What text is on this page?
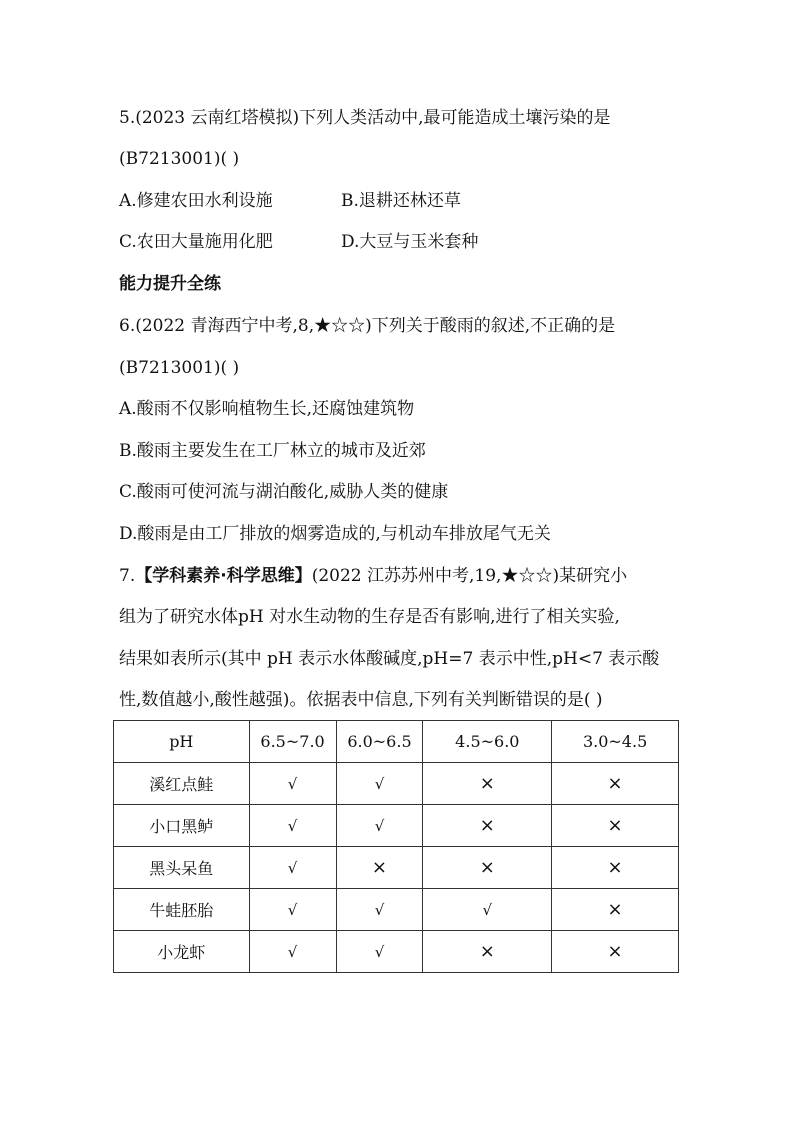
5.(2023 云南红塔模拟)下列人类活动中,最可能造成土壤污染的是
(B7213001)( )
A.修建农田水利设施	B.退耕还林还草
C.农田大量施用化肥	D.大豆与玉米套种
能力提升全练
6.(2022 青海西宁中考,8,★☆☆)下列关于酸雨的叙述,不正确的是
(B7213001)( )
A.酸雨不仅影响植物生长,还腐蚀建筑物
B.酸雨主要发生在工厂林立的城市及近郊
C.酸雨可使河流与湖泊酸化,威胁人类的健康
D.酸雨是由工厂排放的烟雾造成的,与机动车排放尾气无关
7.【学科素养·科学思维】(2022 江苏苏州中考,19,★☆☆)某研究小
组为了研究水体pH 对水生动物的生存是否有影响,进行了相关实验,
结果如表所示(其中 pH 表示水体酸碱度,pH=7 表示中性,pH<7 表示酸
性,数值越小,酸性越强)。依据表中信息,下列有关判断错误的是( )
pH	6.5~7.0	6.0~6.5	4.5~6.0	3.0~4.5
溪红点鲑	√	√	×	×
小口黑鲈	√	√	×	×
黑头呆鱼	√	×	×	×
牛蛙胚胎	√	√	√	×
小龙虾	√	√	×	×
